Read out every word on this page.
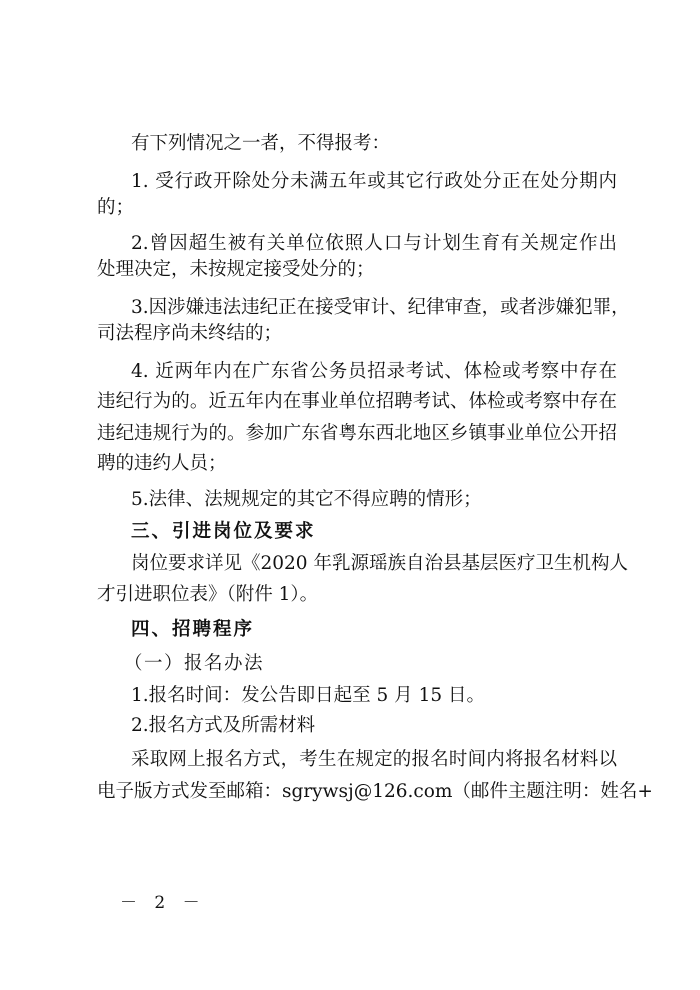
有下列情况之一者，不得报考：
1. 受行政开除处分未满五年或其它行政处分正在处分期内
的；
2.曾因超生被有关单位依照人口与计划生育有关规定作出
处理决定，未按规定接受处分的；
3.因涉嫌违法违纪正在接受审计、纪律审查，或者涉嫌犯罪，
司法程序尚未终结的；
4. 近两年内在广东省公务员招录考试、体检或考察中存在
违纪行为的。近五年内在事业单位招聘考试、体检或考察中存在
违纪违规行为的。参加广东省粤东西北地区乡镇事业单位公开招
聘的违约人员；
5.法律、法规规定的其它不得应聘的情形；
三、引进岗位及要求
岗位要求详见《2020 年乳源瑶族自治县基层医疗卫生机构人
才引进职位表》（附件 1）。
四、招聘程序
（一）报名办法
1.报名时间：发公告即日起至 5 月 15 日。
2.报名方式及所需材料
采取网上报名方式，考生在规定的报名时间内将报名材料以
电子版方式发至邮箱：sgrywsj@126.com（邮件主题注明：姓名+
－ 2 －
